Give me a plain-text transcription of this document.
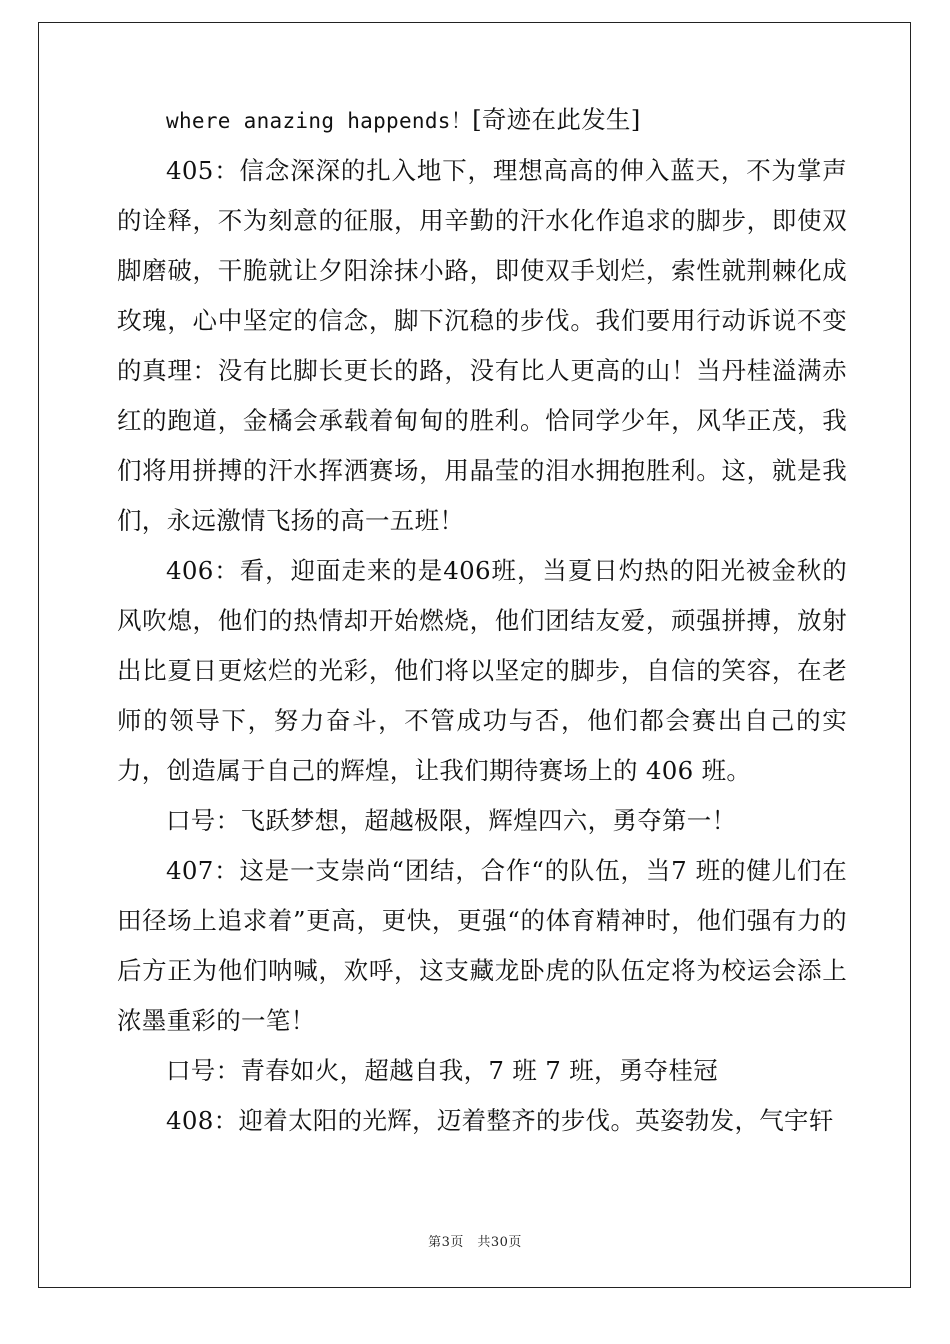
where anazing happends！[奇迹在此发生]

405：信念深深的扎入地下，理想高高的伸入蓝天，不为掌声的诠释，不为刻意的征服，用辛勤的汗水化作追求的脚步，即使双脚磨破，干脆就让夕阳涂抹小路，即使双手划烂，索性就荆棘化成玫瑰，心中坚定的信念，脚下沉稳的步伐。我们要用行动诉说不变的真理：没有比脚长更长的路，没有比人更高的山！当丹桂溢满赤红的跑道，金橘会承载着甸甸的胜利。恰同学少年，风华正茂，我们将用拼搏的汗水挥洒赛场，用晶莹的泪水拥抱胜利。这，就是我们，永远激情飞扬的高一五班！

406：看，迎面走来的是406班，当夏日灼热的阳光被金秋的风吹熄，他们的热情却开始燃烧，他们团结友爱，顽强拼搏，放射出比夏日更炫烂的光彩，他们将以坚定的脚步，自信的笑容，在老师的领导下，努力奋斗，不管成功与否，他们都会赛出自己的实力，创造属于自己的辉煌，让我们期待赛场上的 406 班。

口号：飞跃梦想，超越极限，辉煌四六，勇夺第一！

407：这是一支崇尚“团结，合作“的队伍，当7 班的健儿们在田径场上追求着”更高，更快，更强“的体育精神时，他们强有力的后方正为他们呐喊，欢呼，这支藏龙卧虎的队伍定将为校运会添上浓墨重彩的一笔！

口号：青春如火，超越自我，7 班 7 班，勇夺桂冠

408：迎着太阳的光辉，迈着整齐的步伐。英姿勃发，气宇轩

第3页　共30页
